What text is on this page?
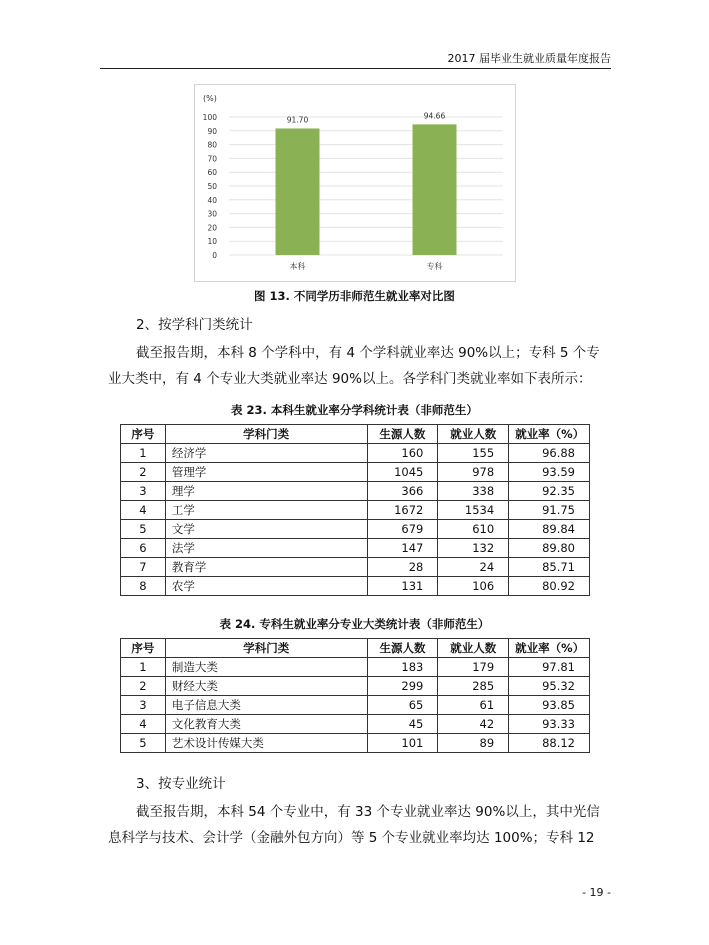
2017 届毕业生就业质量年度报告
(%)
0
10
20
30
40
50
60
70
80
90
100	91.70
本科
94.66
专科
图 13. 不同学历非师范生就业率对比图
2、按学科门类统计
截至报告期，本科 8 个学科中，有 4 个学科就业率达 90%以上；专科 5 个专
业大类中，有 4 个专业大类就业率达 90%以上。各学科门类就业率如下表所示：
表 23. 本科生就业率分学科统计表（非师范生）
序号	学科门类	生源人数	就业人数	就业率（%）
1	经济学	160	155	96.88
2	管理学	1045	978	93.59
3	理学	366	338	92.35
4	工学	1672	1534	91.75
5	文学	679	610	89.84
6	法学	147	132	89.80
7	教育学	28	24	85.71
8	农学	131	106	80.92
表 24. 专科生就业率分专业大类统计表（非师范生）
序号	学科门类	生源人数	就业人数	就业率（%）
1	制造大类	183	179	97.81
2	财经大类	299	285	95.32
3	电子信息大类	65	61	93.85
4	文化教育大类	45	42	93.33
5	艺术设计传媒大类	101	89	88.12
3、按专业统计
截至报告期，本科 54 个专业中，有 33 个专业就业率达 90%以上，其中光信
息科学与技术、会计学（金融外包方向）等 5 个专业就业率均达 100%；专科 12
- 19 -
